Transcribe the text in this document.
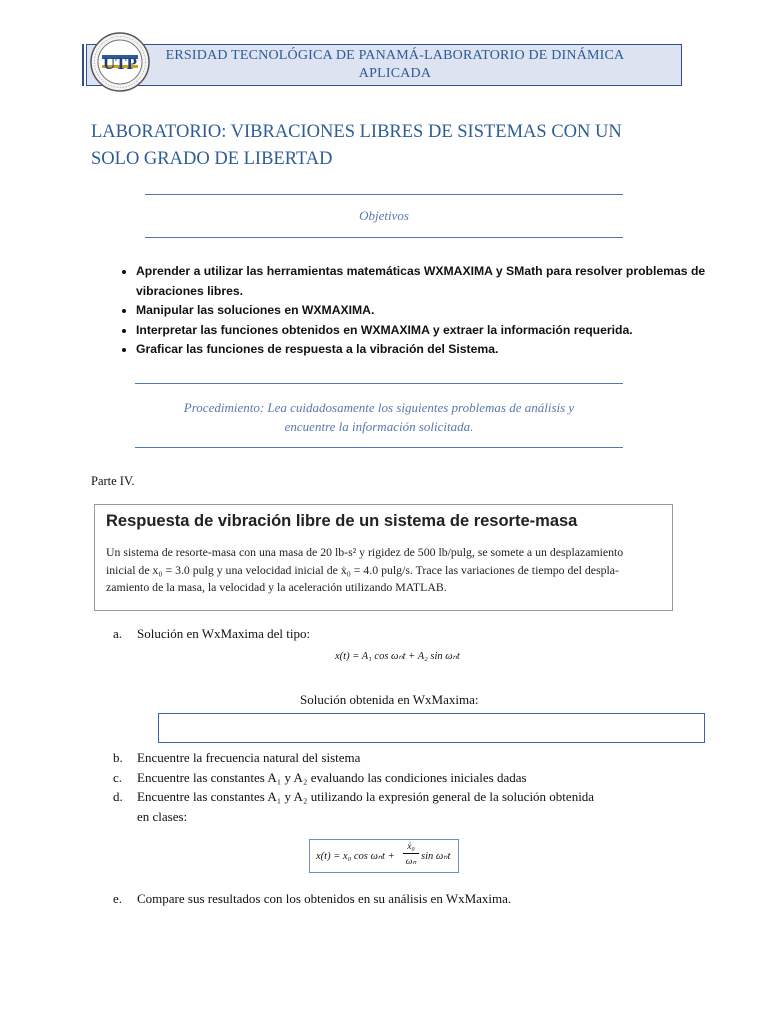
ERSIDAD TECNOLÓGICA DE PANAMÁ-LABORATORIO DE DINÁMICA
APLICADA
UTP
LABORATORIO: VIBRACIONES LIBRES DE SISTEMAS CON UN
SOLO GRADO DE LIBERTAD
Objetivos
• Aprender a utilizar las herramientas matemáticas WXMAXIMA y SMath para resolver problemas de vibraciones libres.
• Manipular las soluciones en WXMAXIMA.
• Interpretar las funciones obtenidos en WXMAXIMA y extraer la información requerida.
• Graficar las funciones de respuesta a la vibración del Sistema.
Procedimiento: Lea cuidadosamente los siguientes problemas de análisis y
encuentre la información solicitada.
Parte IV.
Respuesta de vibración libre de un sistema de resorte-masa
Un sistema de resorte-masa con una masa de 20 lb-s² y rigidez de 500 lb/pulg, se somete a un desplazamiento
inicial de x₀ = 3.0 pulg y una velocidad inicial de ẋ₀ = 4.0 pulg/s. Trace las variaciones de tiempo del despla-
zamiento de la masa, la velocidad y la aceleración utilizando MATLAB.
a. Solución en WxMaxima del tipo:
x(t) = A₁ cos ωₙt + A₂ sin ωₙt
Solución obtenida en WxMaxima:
b. Encuentre la frecuencia natural del sistema
c. Encuentre las constantes A₁ y A₂ evaluando las condiciones iniciales dadas
d. Encuentre las constantes A₁ y A₂ utilizando la expresión general de la solución obtenida
en clases:
x(t) = x₀ cos ωₙt +
ẋ₀
ωₙ sin ωₙt
e. Compare sus resultados con los obtenidos en su análisis en WxMaxima.
